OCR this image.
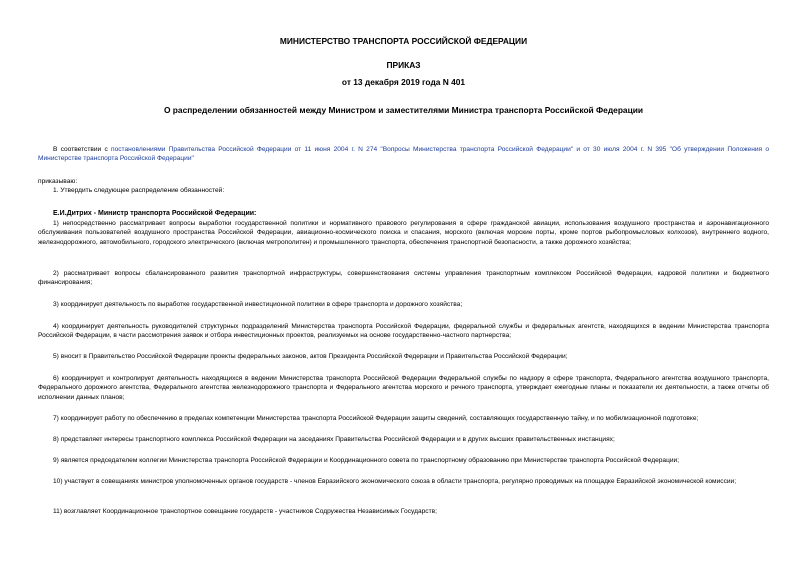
МИНИСТЕРСТВО ТРАНСПОРТА РОССИЙСКОЙ ФЕДЕРАЦИИ
ПРИКАЗ
от 13 декабря 2019 года N 401
О распределении обязанностей между Министром и заместителями Министра транспорта Российской Федерации
В соответствии с постановлениями Правительства Российской Федерации от 11 июня 2004 г. N 274 "Вопросы Министерства транспорта Российской Федерации" и от 30 июля 2004 г. N 395 "Об утверждении Положения о Министерстве транспорта Российской Федерации"
приказываю:
1. Утвердить следующее распределение обязанностей:
Е.И.Дитрих - Министр транспорта Российской Федерации:
1) непосредственно рассматривает вопросы выработки государственной политики и нормативного правового регулирования в сфере гражданской авиации, использования воздушного пространства и аэронавигационного обслуживания пользователей воздушного пространства Российской Федерации, авиационно-космического поиска и спасания, морского (включая морские порты, кроме портов рыбопромысловых колхозов), внутреннего водного, железнодорожного, автомобильного, городского электрического (включая метрополитен) и промышленного транспорта, обеспечения транспортной безопасности, а также дорожного хозяйства;
2) рассматривает вопросы сбалансированного развития транспортной инфраструктуры, совершенствования системы управления транспортным комплексом Российской Федерации, кадровой политики и бюджетного финансирования;
3) координирует деятельность по выработке государственной инвестиционной политики в сфере транспорта и дорожного хозяйства;
4) координирует деятельность руководителей структурных подразделений Министерства транспорта Российской Федерации, федеральной службы и федеральных агентств, находящихся в ведении Министерства транспорта Российской Федерации, в части рассмотрения заявок и отбора инвестиционных проектов, реализуемых на основе государственно-частного партнерства;
5) вносит в Правительство Российской Федерации проекты федеральных законов, актов Президента Российской Федерации и Правительства Российской Федерации;
6) координирует и контролирует деятельность находящихся в ведении Министерства транспорта Российской Федерации Федеральной службы по надзору в сфере транспорта, Федерального агентства воздушного транспорта, Федерального дорожного агентства, Федерального агентства железнодорожного транспорта и Федерального агентства морского и речного транспорта, утверждает ежегодные планы и показатели их деятельности, а также отчеты об исполнении данных планов;
7) координирует работу по обеспечению в пределах компетенции Министерства транспорта Российской Федерации защиты сведений, составляющих государственную тайну, и по мобилизационной подготовке;
8) представляет интересы транспортного комплекса Российской Федерации на заседаниях Правительства Российской Федерации и в других высших правительственных инстанциях;
9) является председателем коллегии Министерства транспорта Российской Федерации и Координационного совета по транспортному образованию при Министерстве транспорта Российской Федерации;
10) участвует в совещаниях министров уполномоченных органов государств - членов Евразийского экономического союза в области транспорта, регулярно проводимых на площадке Евразийской экономической комиссии;
11) возглавляет Координационное транспортное совещание государств - участников Содружества Независимых Государств;
